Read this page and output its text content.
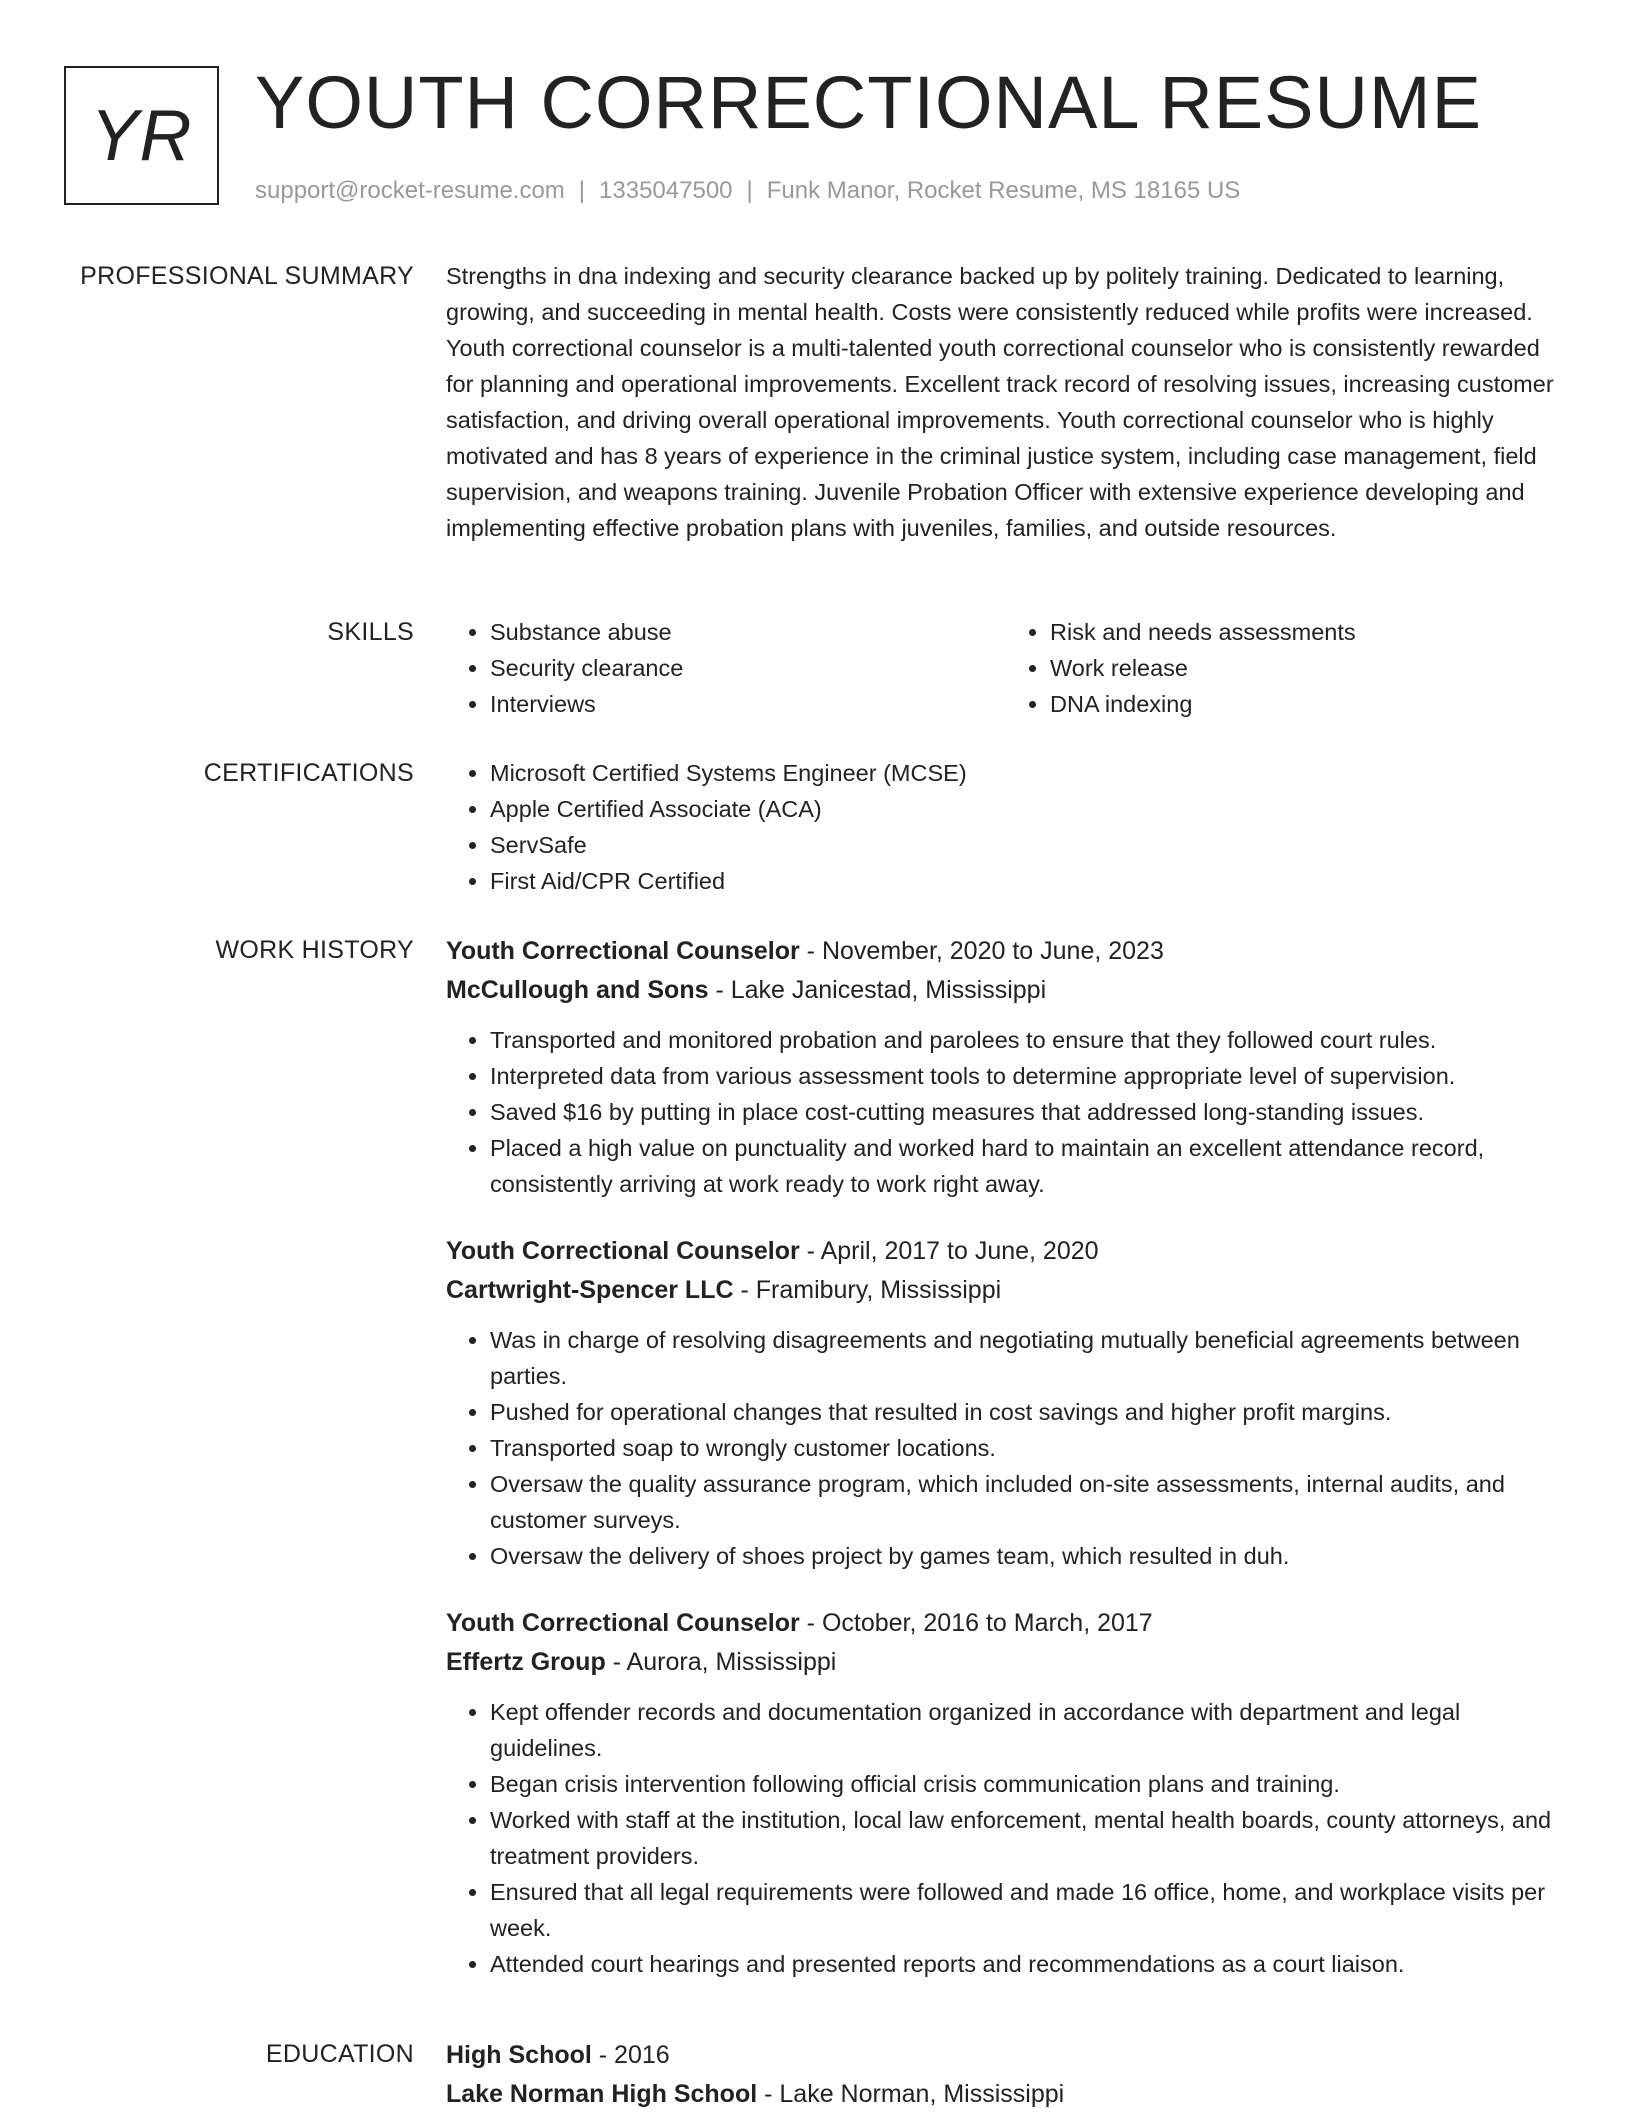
YR YOUTH CORRECTIONAL RESUME
support@rocket-resume.com | 1335047500 | Funk Manor, Rocket Resume, MS 18165 US
PROFESSIONAL SUMMARY Strengths in dna indexing and security clearance backed up by politely training. Dedicated to learning, growing, and succeeding in mental health. Costs were consistently reduced while profits were increased. Youth correctional counselor is a multi-talented youth correctional counselor who is consistently rewarded for planning and operational improvements. Excellent track record of resolving issues, increasing customer satisfaction, and driving overall operational improvements. Youth correctional counselor who is highly motivated and has 8 years of experience in the criminal justice system, including case management, field supervision, and weapons training. Juvenile Probation Officer with extensive experience developing and implementing effective probation plans with juveniles, families, and outside resources.

SKILLS	• Substance abuse
• Security clearance
• Interviews
• Risk and needs assessments
• Work release
• DNA indexing
CERTIFICATIONS	• Microsoft Certified Systems Engineer (MCSE)
• Apple Certified Associate (ACA)
• ServSafe
• First Aid/CPR Certified
WORK HISTORY Youth Correctional Counselor - November, 2020 to June, 2023
McCullough and Sons - Lake Janicestad, Mississippi
• Transported and monitored probation and parolees to ensure that they followed court rules.
• Interpreted data from various assessment tools to determine appropriate level of supervision.
• Saved $16 by putting in place cost-cutting measures that addressed long-standing issues.
• Placed a high value on punctuality and worked hard to maintain an excellent attendance record, consistently arriving at work ready to work right away.
Youth Correctional Counselor - April, 2017 to June, 2020
Cartwright-Spencer LLC - Framibury, Mississippi
• Was in charge of resolving disagreements and negotiating mutually beneficial agreements between parties.
• Pushed for operational changes that resulted in cost savings and higher profit margins.
• Transported soap to wrongly customer locations.
• Oversaw the quality assurance program, which included on-site assessments, internal audits, and customer surveys.
• Oversaw the delivery of shoes project by games team, which resulted in duh.
Youth Correctional Counselor - October, 2016 to March, 2017
Effertz Group - Aurora, Mississippi
• Kept offender records and documentation organized in accordance with department and legal guidelines.
• Began crisis intervention following official crisis communication plans and training.
• Worked with staff at the institution, local law enforcement, mental health boards, county attorneys, and treatment providers.
• Ensured that all legal requirements were followed and made 16 office, home, and workplace visits per week.
• Attended court hearings and presented reports and recommendations as a court liaison.
EDUCATION High School - 2016
Lake Norman High School - Lake Norman, Mississippi
